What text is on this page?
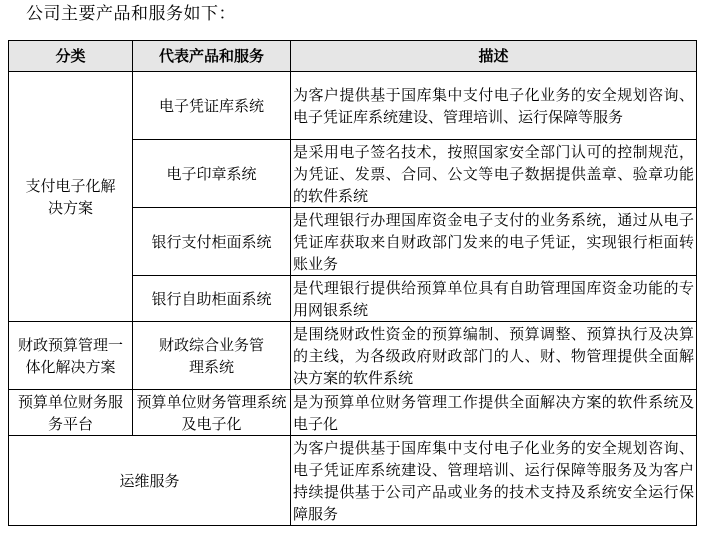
公司主要产品和服务如下：
分类	代表产品和服务	描述
支付电子化解决方案	电子凭证库系统	为客户提供基于国库集中支付电子化业务的安全规划咨询、电子凭证库系统建设、管理培训、运行保障等服务
	电子印章系统	是采用电子签名技术，按照国家安全部门认可的控制规范，为凭证、发票、合同、公文等电子数据提供盖章、验章功能的软件系统
	银行支付柜面系统	是代理银行办理国库资金电子支付的业务系统，通过从电子凭证库获取来自财政部门发来的电子凭证，实现银行柜面转账业务
	银行自助柜面系统	是代理银行提供给预算单位具有自助管理国库资金功能的专用网银系统
财政预算管理一体化解决方案	财政综合业务管理系统	是围绕财政性资金的预算编制、预算调整、预算执行及决算的主线，为各级政府财政部门的人、财、物管理提供全面解决方案的软件系统
预算单位财务服务平台	预算单位财务管理系统及电子化	是为预算单位财务管理工作提供全面解决方案的软件系统及电子化
运维服务		为客户提供基于国库集中支付电子化业务的安全规划咨询、电子凭证库系统建设、管理培训、运行保障等服务及为客户持续提供基于公司产品或业务的技术支持及系统安全运行保障服务
